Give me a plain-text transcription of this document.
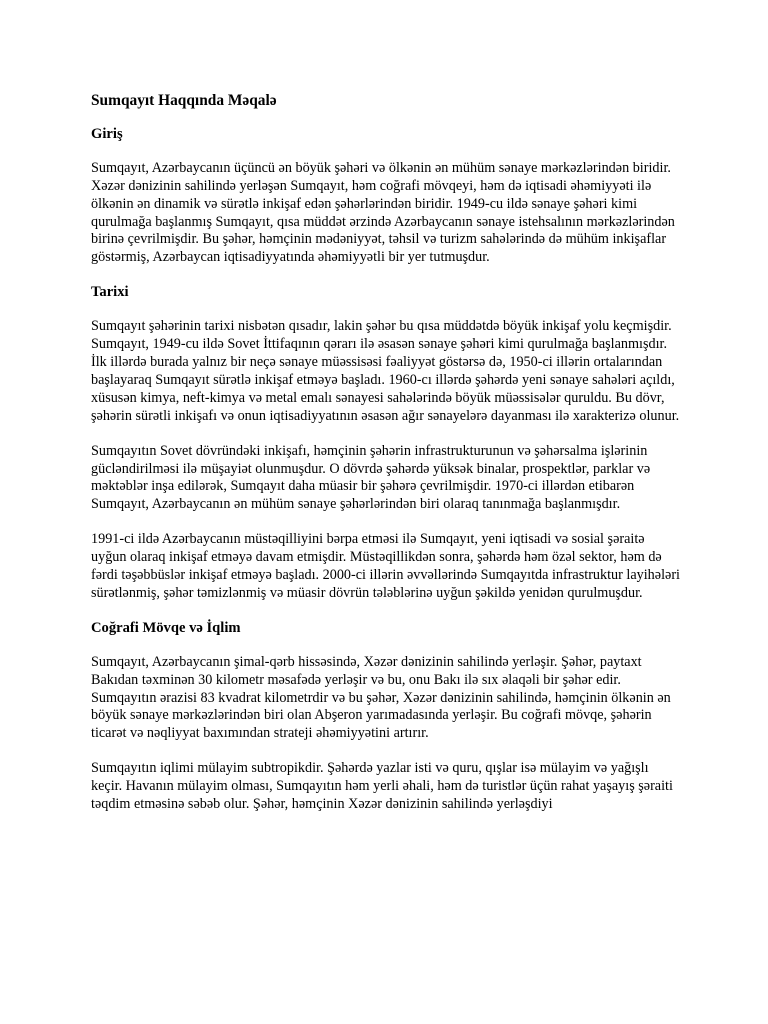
Sumqayıt Haqqında Məqalə
Giriş

Sumqayıt, Azərbaycanın üçüncü ən böyük şəhəri və ölkənin ən mühüm sənaye mərkəzlərindən biridir. Xəzər dənizinin sahilində yerləşən Sumqayıt, həm coğrafi mövqeyi, həm də iqtisadi əhəmiyyəti ilə ölkənin ən dinamik və sürətlə inkişaf edən şəhərlərindən biridir. 1949-cu ildə sənaye şəhəri kimi qurulmağa başlanmış Sumqayıt, qısa müddət ərzində Azərbaycanın sənaye istehsalının mərkəzlərindən birinə çevrilmişdir. Bu şəhər, həmçinin mədəniyyət, təhsil və turizm sahələrində də mühüm inkişaflar göstərmiş, Azərbaycan iqtisadiyyatında əhəmiyyətli bir yer tutmuşdur.

Tarixi

Sumqayıt şəhərinin tarixi nisbətən qısadır, lakin şəhər bu qısa müddətdə böyük inkişaf yolu keçmişdir. Sumqayıt, 1949-cu ildə Sovet İttifaqının qərarı ilə əsasən sənaye şəhəri kimi qurulmağa başlanmışdır. İlk illərdə burada yalnız bir neçə sənaye müəssisəsi fəaliyyət göstərsə də, 1950-ci illərin ortalarından başlayaraq Sumqayıt sürətlə inkişaf etməyə başladı. 1960-cı illərdə şəhərdə yeni sənaye sahələri açıldı, xüsusən kimya, neft-kimya və metal emalı sənayesi sahələrində böyük müəssisələr quruldu. Bu dövr, şəhərin sürətli inkişafı və onun iqtisadiyyatının əsasən ağır sənayelərə dayanması ilə xarakterizə olunur.

Sumqayıtın Sovet dövründəki inkişafı, həmçinin şəhərin infrastrukturunun və şəhərsalma işlərinin gücləndirilməsi ilə müşayiət olunmuşdur. O dövrdə şəhərdə yüksək binalar, prospektlər, parklar və məktəblər inşa edilərək, Sumqayıt daha müasir bir şəhərə çevrilmişdir. 1970-ci illərdən etibarən Sumqayıt, Azərbaycanın ən mühüm sənaye şəhərlərindən biri olaraq tanınmağa başlanmışdır.

1991-ci ildə Azərbaycanın müstəqilliyini bərpa etməsi ilə Sumqayıt, yeni iqtisadi və sosial şəraitə uyğun olaraq inkişaf etməyə davam etmişdir. Müstəqillikdən sonra, şəhərdə həm özəl sektor, həm də fərdi təşəbbüslər inkişaf etməyə başladı. 2000-ci illərin əvvəllərində Sumqayıtda infrastruktur layihələri sürətlənmiş, şəhər təmizlənmiş və müasir dövrün tələblərinə uyğun şəkildə yenidən qurulmuşdur.

Coğrafi Mövqe və İqlim

Sumqayıt, Azərbaycanın şimal-qərb hissəsində, Xəzər dənizinin sahilində yerləşir. Şəhər, paytaxt Bakıdan təxminən 30 kilometr məsafədə yerləşir və bu, onu Bakı ilə sıx əlaqəli bir şəhər edir. Sumqayıtın ərazisi 83 kvadrat kilometrdir və bu şəhər, Xəzər dənizinin sahilində, həmçinin ölkənin ən böyük sənaye mərkəzlərindən biri olan Abşeron yarımadasında yerləşir. Bu coğrafi mövqe, şəhərin ticarət və nəqliyyat baxımından strateji əhəmiyyətini artırır.

Sumqayıtın iqlimi mülayim subtropikdir. Şəhərdə yazlar isti və quru, qışlar isə mülayim və yağışlı keçir. Havanın mülayim olması, Sumqayıtın həm yerli əhali, həm də turistlər üçün rahat yaşayış şəraiti təqdim etməsinə səbəb olur. Şəhər, həmçinin Xəzər dənizinin sahilində yerləşdiyi
